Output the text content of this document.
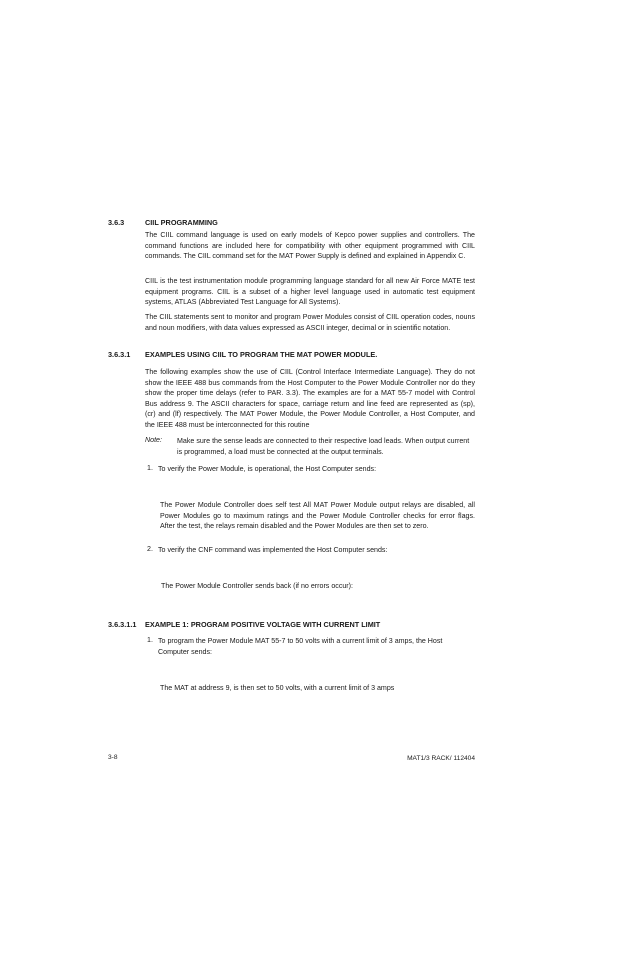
3.6.3	CIIL PROGRAMMING
The CIIL command language is used on early models of Kepco power supplies and controllers. The command functions are included here for compatibility with other equipment programmed with CIIL commands. The CIIL command set for the MAT Power Supply is defined and explained in Appendix C.
CIIL is the test instrumentation module programming language standard for all new Air Force MATE test equipment programs. CIIL is a subset of a higher level language used in automatic test equipment systems, ATLAS (Abbreviated Test Language for All Systems).
The CIIL statements sent to monitor and program Power Modules consist of CIIL operation codes, nouns and noun modifiers, with data values expressed as ASCII integer, decimal or in scientific notation.
3.6.3.1 EXAMPLES USING CIIL TO PROGRAM THE MAT POWER MODULE.
The following examples show the use of CIIL (Control Interface Intermediate Language). They do not show the IEEE 488 bus commands from the Host Computer to the Power Module Controller nor do they show the proper time delays (refer to PAR. 3.3). The examples are for a MAT 55-7 model with Control Bus address 9. The ASCII characters for space, carriage return and line feed are represented as (sp), (cr) and (lf) respectively. The MAT Power Module, the Power Module Controller, a Host Computer, and the IEEE 488 must be interconnected for this routine
Note: Make sure the sense leads are connected to their respective load leads. When output current is programmed, a load must be connected at the output terminals.
1. To verify the Power Module, is operational, the Host Computer sends:
The Power Module Controller does self test All MAT Power Module output relays are disabled, all Power Modules go to maximum ratings and the Power Module Controller checks for error flags. After the test, the relays remain disabled and the Power Modules are then set to zero.
2. To verify the CNF command was implemented the Host Computer sends:
The Power Module Controller sends back (if no errors occur):
3.6.3.1.1 EXAMPLE 1: PROGRAM POSITIVE VOLTAGE WITH CURRENT LIMIT
1. To program the Power Module MAT 55-7 to 50 volts with a current limit of 3 amps, the Host Computer sends:
The MAT at address 9, is then set to 50 volts, with a current limit of 3 amps
3-8	MAT1/3 RACK/ 112404
